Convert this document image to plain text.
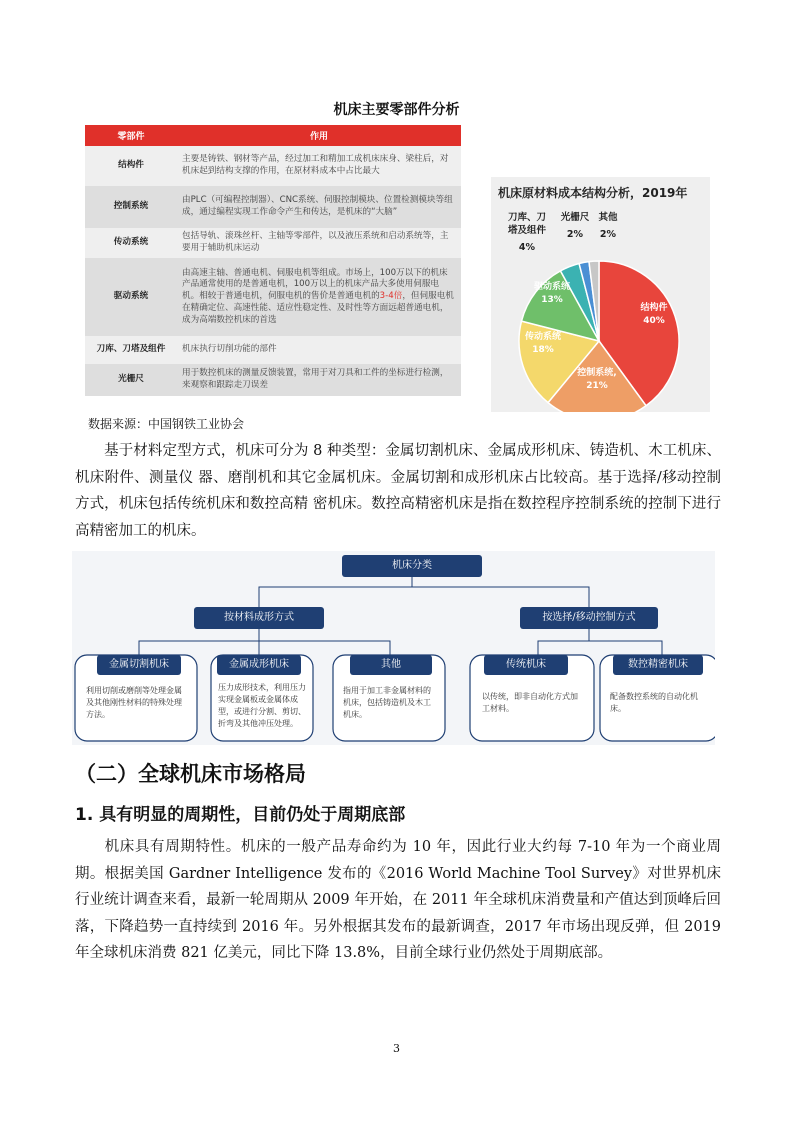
机床主要零部件分析
零部件	作用
结构件	主要是铸铁、钢材等产品，经过加工和精加工成机床床身、梁柱后，对机床起到结构支撑的作用，在原材料成本中占比最大
控制系统	由PLC（可编程控制器）、CNC系统、伺服控制模块、位置检测模块等组成，通过编程实现工作命令产生和传达，是机床的“大脑”
传动系统	包括导轨、滚珠丝杆、主轴等零部件，以及液压系统和启动系统等，主要用于辅助机床运动
驱动系统	由高速主轴、普通电机、伺服电机等组成。市场上，100万以下的机床产品通常使用的是普通电机，100万以上的机床产品大多使用伺服电机。相较于普通电机，伺服电机的售价是普通电机的3-4倍，但伺服电机在精确定位、高速性能、适应性稳定性、及时性等方面远超普通电机，成为高端数控机床的首选
刀库、刀塔及组件	机床执行切削功能的部件
光栅尺	用于数控机床的测量反馈装置，常用于对刀具和工件的坐标进行检测，来观察和跟踪走刀误差
机床原材料成本结构分析，2019年
刀库、刀
塔及组件
4%
光栅尺
2%
其他
2%
结构件
40%
控制系统,
21%
传动系统
18%
驱动系统
13%
数据来源：中国钢铁工业协会
基于材料定型方式，机床可分为 8 种类型：金属切割机床、金属成形机床、铸造机、木工机床、机床附件、测量仪 器、磨削机和其它金属机床。金属切割和成形机床占比较高。基于选择/移动控制方式，机床包括传统机床和数控高精 密机床。数控高精密机床是指在数控程序控制系统的控制下进行高精密加工的机床。
机床分类
按材料成形方式	按选择/移动控制方式
金属切割机床	金属成形机床	其他	传统机床	数控精密机床
利用切削或磨削等处理金属及其他刚性材料的特殊处理方法。
压力成形技术，利用压力实现金属板或金属体成型，或进行分割、剪切、折弯及其他冲压处理。
指用于加工非金属材料的机床，包括铸造机及木工机床。
以传统，即非自动化方式加工材料。
配备数控系统的自动化机床。
（二）全球机床市场格局
1. 具有明显的周期性，目前仍处于周期底部
机床具有周期特性。机床的一般产品寿命约为 10 年，因此行业大约每 7-10 年为一个商业周期。根据美国 Gardner Intelligence 发布的《2016 World Machine Tool Survey》对世界机床行业统计调查来看，最新一轮周期从 2009 年开始，在 2011 年全球机床消费量和产值达到顶峰后回落，下降趋势一直持续到 2016 年。另外根据其发布的最新调查，2017 年市场出现反弹，但 2019 年全球机床消费 821 亿美元，同比下降 13.8%，目前全球行业仍然处于周期底部。
3
